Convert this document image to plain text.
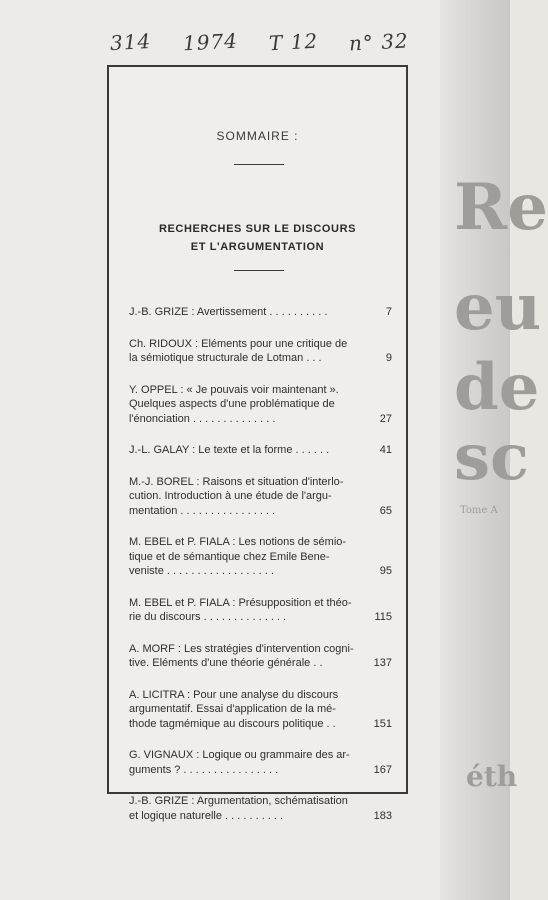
314 1974 T 12 n° 32
Re
eu
de
sc
Tome A
éth
SOMMAIRE :
RECHERCHES SUR LE DISCOURS
ET L'ARGUMENTATION
J.-B. GRIZE : Avertissement . . . . . . . . . .	7
Ch. RIDOUX : Eléments pour une critique de
la sémiotique structurale de Lotman . . .	9
Y. OPPEL : « Je pouvais voir maintenant ».
Quelques aspects d'une problématique de
l'énonciation . . . . . . . . . . . . . .	27
J.-L. GALAY : Le texte et la forme . . . . . .	41
M.-J. BOREL : Raisons et situation d'interlo-
cution. Introduction à une étude de l'argu-
mentation . . . . . . . . . . . . . . . .	65
M. EBEL et P. FIALA : Les notions de sémio-
tique et de sémantique chez Emile Bene-
veniste . . . . . . . . . . . . . . . . . .	95
M. EBEL et P. FIALA : Présupposition et théo-
rie du discours . . . . . . . . . . . . . .	115
A. MORF : Les stratégies d'intervention cogni-
tive. Eléments d'une théorie générale . .	137
A. LICITRA : Pour une analyse du discours
argumentatif. Essai d'application de la mé-
thode tagmémique au discours politique . .	151
G. VIGNAUX : Logique ou grammaire des ar-
guments ? . . . . . . . . . . . . . . . .	167
J.-B. GRIZE : Argumentation, schématisation
et logique naturelle . . . . . . . . . .	183
